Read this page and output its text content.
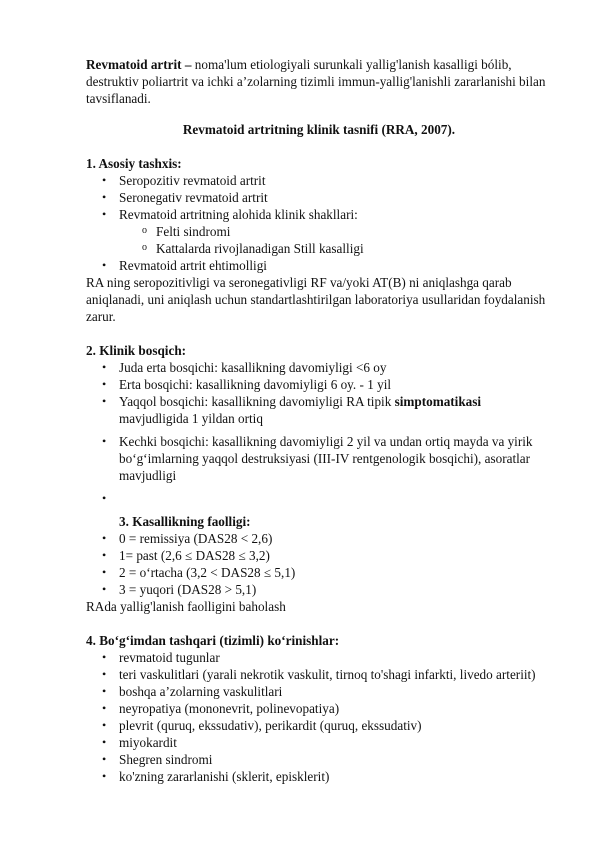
Revmatoid artrit – noma'lum etiologiyali surunkali yallig'lanish kasalligi bólib, destruktiv poliartrit va ichki a’zolarning tizimli immun-yallig'lanishli zararlanishi bilan tavsiflanadi.

Revmatoid artritning klinik tasnifi (RRA, 2007).

1. Asosiy tashxis:

• Seropozitiv revmatoid artrit
• Seronegativ revmatoid artrit
• Revmatoid artritning alohida klinik shakllari:
o Felti sindromi
o Kattalarda rivojlanadigan Still kasalligi
• Revmatoid artrit ehtimolligi

RA ning seropozitivligi va seronegativligi RF va/yoki AT(B) ni aniqlashga qarab aniqlanadi, uni aniqlash uchun standartlashtirilgan laboratoriya usullaridan foydalanish zarur.

2. Klinik bosqich:

• Juda erta bosqichi: kasallikning davomiyligi <6 oy
• Erta bosqichi: kasallikning davomiyligi 6 oy. - 1 yil
• Yaqqol bosqichi: kasallikning davomiyligi RA tipik simptomatikasi mavjudligida 1 yildan ortiq
• Kechki bosqichi: kasallikning davomiyligi 2 yil va undan ortiq mayda va yirik bo‘g‘imlarning yaqqol destruksiyasi (III-IV rentgenologik bosqichi), asoratlar mavjudligi
•

3. Kasallikning faolligi:

• 0 = remissiya (DAS28 < 2,6)
• 1= past (2,6 ≤ DAS28 ≤ 3,2)
• 2 = o‘rtacha (3,2 < DAS28 ≤ 5,1)
• 3 = yuqori (DAS28 > 5,1)

RAda yallig'lanish faolligini baholash

4. Bo‘g‘imdan tashqari (tizimli) ko‘rinishlar:

• revmatoid tugunlar
• teri vaskulitlari (yarali nekrotik vaskulit, tirnoq to'shagi infarkti, livedo arteriit)
• boshqa a’zolarning vaskulitlari
• neyropatiya (mononevrit, polinevopatiya)
• plevrit (quruq, ekssudativ), perikardit (quruq, ekssudativ)
• miyokardit
• Shegren sindromi
• ko'zning zararlanishi (sklerit, episklerit)
